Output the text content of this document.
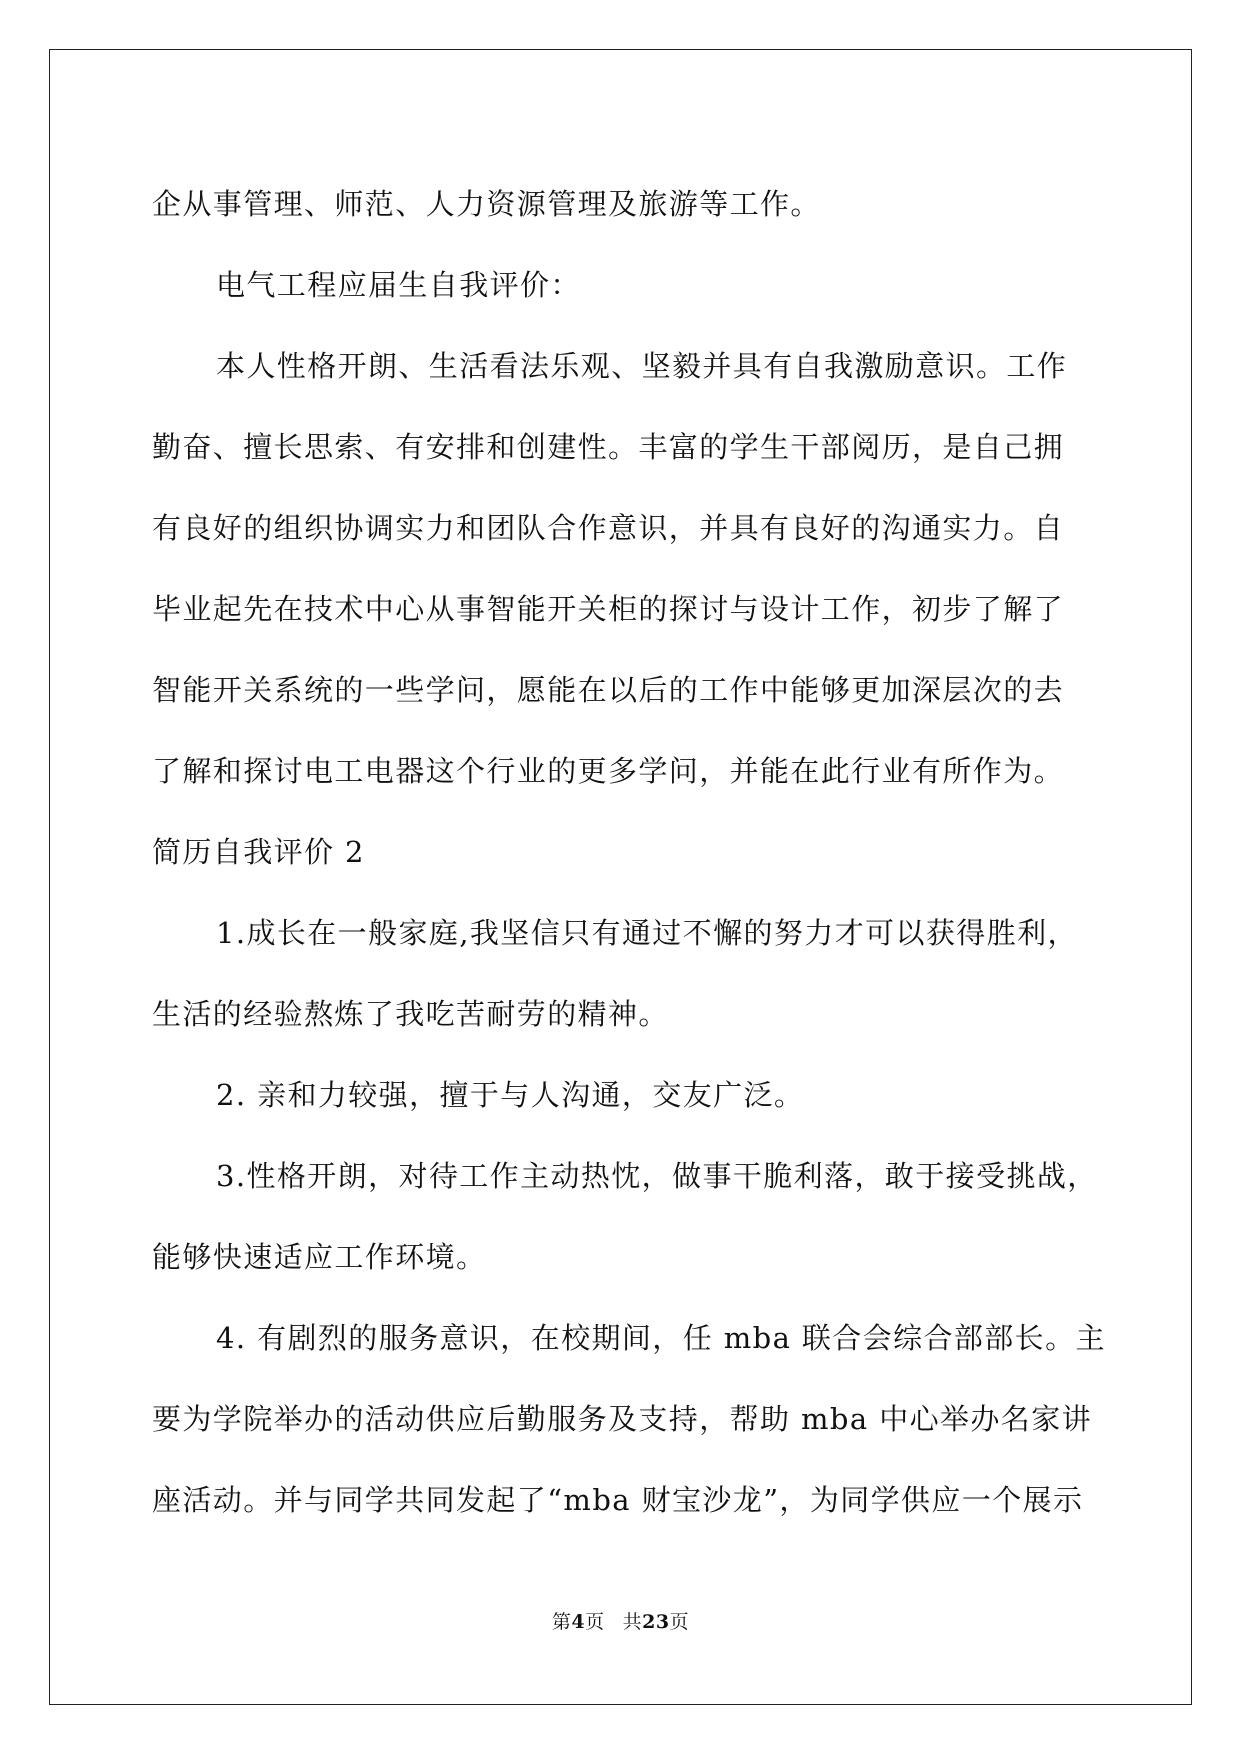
企从事管理、师范、人力资源管理及旅游等工作。
电气工程应届生自我评价：
本人性格开朗、生活看法乐观、坚毅并具有自我激励意识。工作
勤奋、擅长思索、有安排和创建性。丰富的学生干部阅历，是自己拥
有良好的组织协调实力和团队合作意识，并具有良好的沟通实力。自
毕业起先在技术中心从事智能开关柜的探讨与设计工作，初步了解了
智能开关系统的一些学问，愿能在以后的工作中能够更加深层次的去
了解和探讨电工电器这个行业的更多学问，并能在此行业有所作为。
简历自我评价 2
1.成长在一般家庭,我坚信只有通过不懈的努力才可以获得胜利，
生活的经验熬炼了我吃苦耐劳的精神。
2. 亲和力较强，擅于与人沟通，交友广泛。
3.性格开朗，对待工作主动热忱，做事干脆利落，敢于接受挑战，
能够快速适应工作环境。
4. 有剧烈的服务意识，在校期间，任 mba 联合会综合部部长。主
要为学院举办的活动供应后勤服务及支持，帮助 mba 中心举办名家讲
座活动。并与同学共同发起了“mba 财宝沙龙”，为同学供应一个展示
第4页 共23页
